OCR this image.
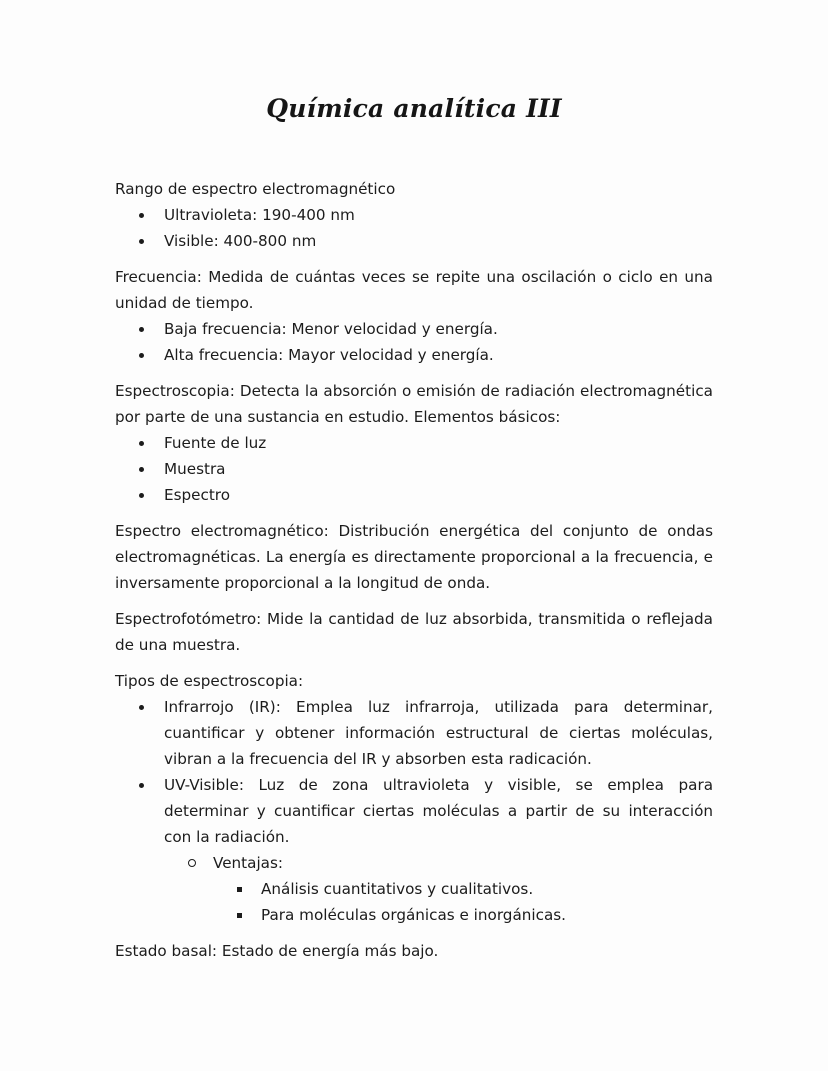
Química analítica III

Rango de espectro electromagnético

Ultravioleta: 190-400 nm
Visible: 400-800 nm

Frecuencia: Medida de cuántas veces se repite una oscilación o ciclo en una unidad de tiempo.

Baja frecuencia: Menor velocidad y energía.
Alta frecuencia: Mayor velocidad y energía.

Espectroscopia: Detecta la absorción o emisión de radiación electromagnética por parte de una sustancia en estudio. Elementos básicos:

Fuente de luz
Muestra
Espectro

Espectro electromagnético: Distribución energética del conjunto de ondas electromagnéticas. La energía es directamente proporcional a la frecuencia, e inversamente proporcional a la longitud de onda.

Espectrofotómetro: Mide la cantidad de luz absorbida, transmitida o reflejada de una muestra.

Tipos de espectroscopia:

Infrarrojo (IR): Emplea luz infrarroja, utilizada para determinar, cuantificar y obtener información estructural de ciertas moléculas, vibran a la frecuencia del IR y absorben esta radicación.
UV-Visible: Luz de zona ultravioleta y visible, se emplea para determinar y cuantificar ciertas moléculas a partir de su interacción con la radiación.
Ventajas:
Análisis cuantitativos y cualitativos.
Para moléculas orgánicas e inorgánicas.

Estado basal: Estado de energía más bajo.
